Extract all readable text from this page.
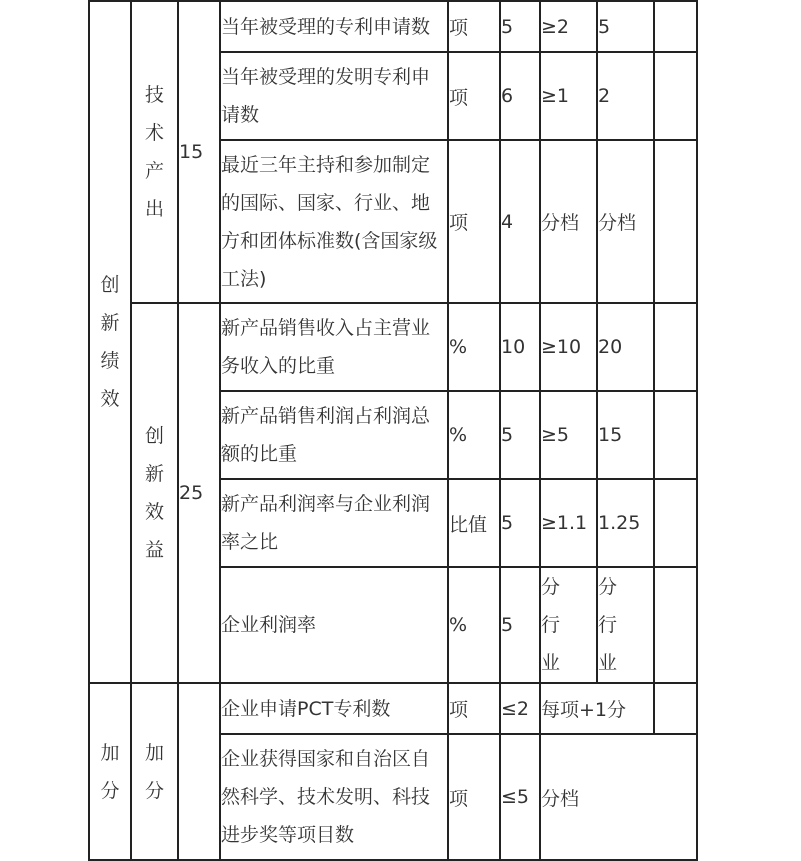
创新绩效	技术产出	15	当年被受理的专利申请数	项	5	≥2	5	
			当年被受理的发明专利申请数	项	6	≥1	2	
			最近三年主持和参加制定的国际、国家、行业、地方和团体标准数(含国家级工法)	项	4	分档	分档	
	创新效益	25	新产品销售收入占主营业务收入的比重	%	10	≥10	20	
			新产品销售利润占利润总额的比重	%	5	≥5	15	
			新产品利润率与企业利润率之比	比值	5	≥1.1	1.25	
			企业利润率	%	5	分行业	分行业	
加分	加分		企业申请PCT专利数	项	≤2	每项+1分		
			企业获得国家和自治区自然科学、技术发明、科技进步奖等项目数	项	≤5	分档		
